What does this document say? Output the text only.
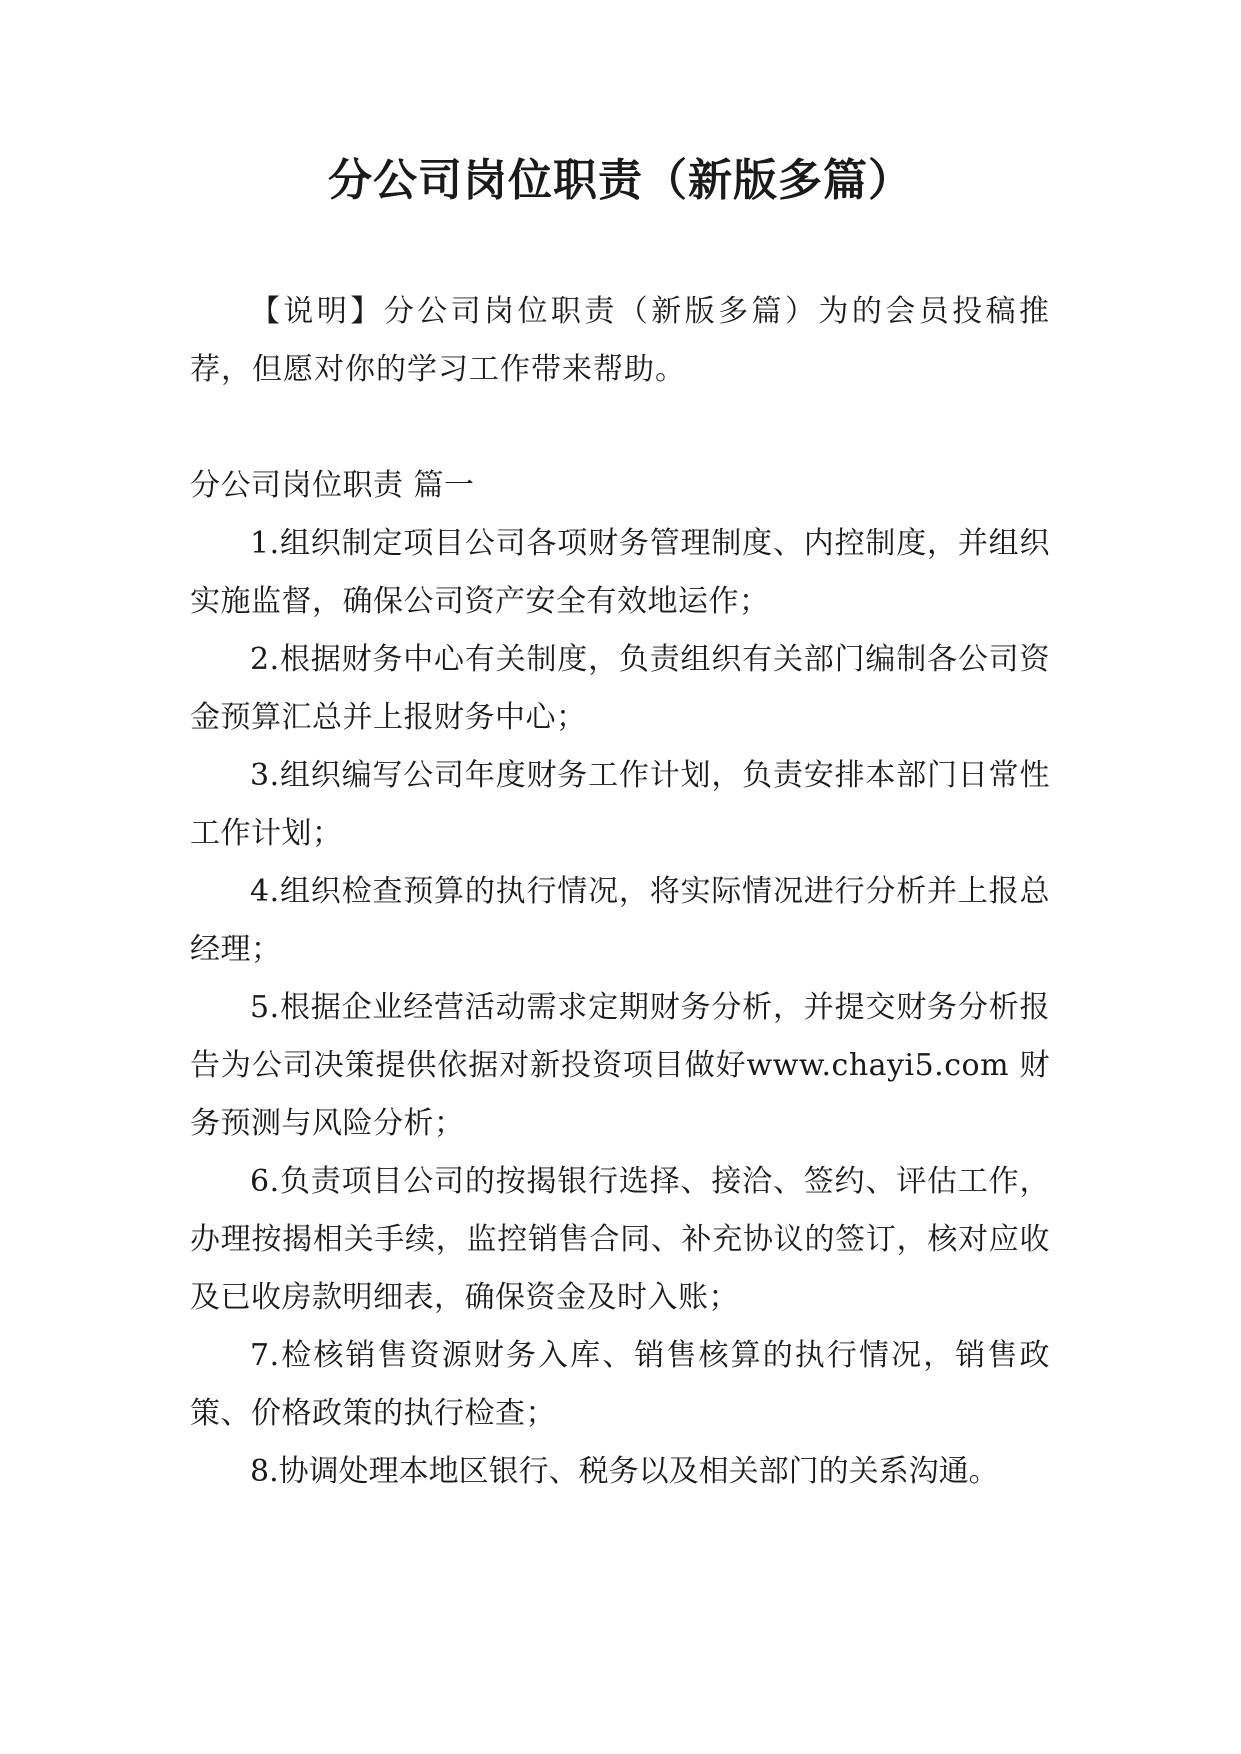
分公司岗位职责（新版多篇）

【说明】分公司岗位职责（新版多篇）为的会员投稿推荐，但愿对你的学习工作带来帮助。

分公司岗位职责 篇一

1.组织制定项目公司各项财务管理制度、内控制度，并组织实施监督，确保公司资产安全有效地运作；

2.根据财务中心有关制度，负责组织有关部门编制各公司资金预算汇总并上报财务中心；

3.组织编写公司年度财务工作计划，负责安排本部门日常性工作计划；

4.组织检查预算的执行情况，将实际情况进行分析并上报总经理；

5.根据企业经营活动需求定期财务分析，并提交财务分析报告为公司决策提供依据对新投资项目做好www.chayi5.com 财务预测与风险分析；

6.负责项目公司的按揭银行选择、接洽、签约、评估工作，办理按揭相关手续，监控销售合同、补充协议的签订，核对应收及已收房款明细表，确保资金及时入账；

7.检核销售资源财务入库、销售核算的执行情况，销售政策、价格政策的执行检查；

8.协调处理本地区银行、税务以及相关部门的关系沟通。
